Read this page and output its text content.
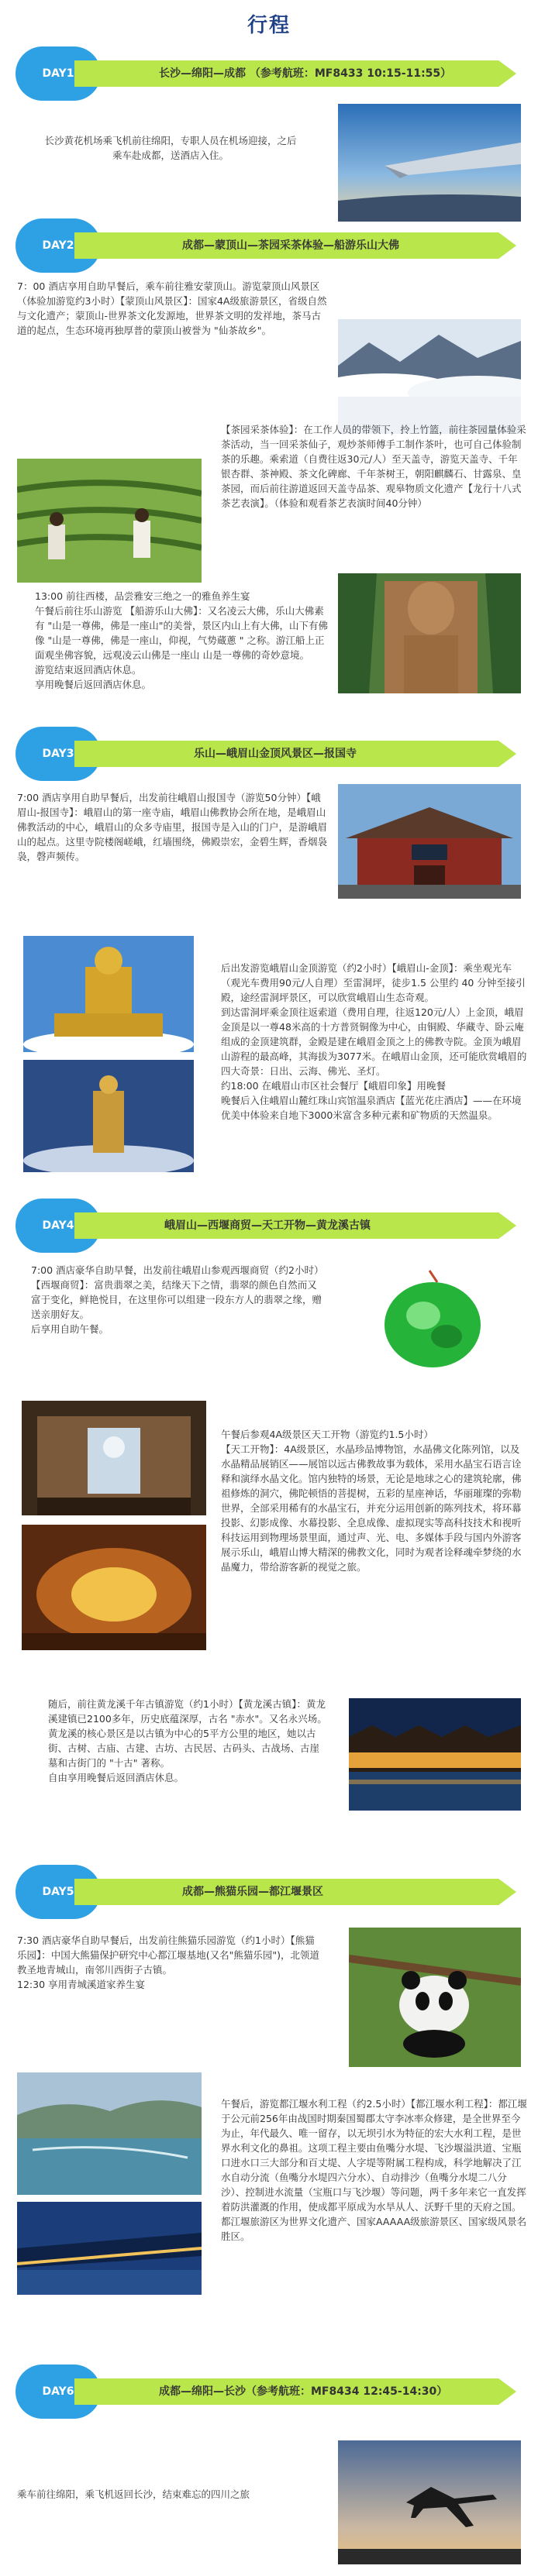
行程
DAY1	长沙—绵阳—成都 （参考航班：MF8433 10:15-11:55）

长沙黄花机场乘飞机前往绵阳，专职人员在机场迎接，之后乘车赴成都，送酒店入住。

DAY2	成都—蒙顶山—茶园采茶体验—船游乐山大佛

7：00 酒店享用自助早餐后，乘车前往雅安蒙顶山。游览蒙顶山风景区（体验加游览约3小时）【蒙顶山风景区】：国家4A级旅游景区，省级自然与文化遗产；蒙顶山-世界茶文化发源地，世界茶文明的发祥地，茶马古道的起点，生态环境再独厚普的蒙顶山被誉为 "仙茶故乡"。

【茶园采茶体验】：在工作人员的带领下，拎上竹篮，前往茶园量体验采茶活动，当一回采茶仙子，观炒茶师傅手工制作茶叶，也可自己体验制茶的乐趣。乘索道（自费往返30元/人）至天盖寺，游览天盖寺、千年银杏群、茶神殿、茶文化碑廊、千年茶树王，朝阳麒麟石、甘露泉、皇茶园，而后前往游道返回天盖寺品茶、观皋物质文化遗产【龙行十八式茶艺表演】。（体验和观看茶艺表演时间40分钟）

13:00 前往西楼，品尝雅安三绝之一的雅鱼养生宴
午餐后前往乐山游览 【船游乐山大佛】：又名凌云大佛，乐山大佛素有 "山是一尊佛，佛是一座山"的美誉，景区内山上有大佛，山下有佛像 "山是一尊佛，佛是一座山，仰视，气势蔵蔥 " 之称。游江船上正面观坐佛容貌，远观凌云山佛是一座山 山是一尊佛的奇妙意境。
游览结束返回酒店休息。
享用晚餐后返回酒店休息。

DAY3	乐山—峨眉山金顶风景区—报国寺

7:00 酒店享用自助早餐后，出发前往峨眉山报国寺（游览50分钟）【峨眉山-报国寺】：峨眉山的第一座寺庙，峨眉山佛教协会所在地，是峨眉山佛教活动的中心，峨眉山的众多寺庙里，报国寺是入山的门户，是游峨眉山的起点。这里寺院楼阁嵯峨，红墙围绕，佛殿崇宏，金碧生辉，香烟袅袅，磬声频传。

后出发游览峨眉山金顶游览（约2小时）【峨眉山-金顶】：乘坐观光车（观光车费用90元/人自理）至雷洞坪，徒步1.5 公里约 40 分钟至接引殿，途经雷洞坪景区，可以欣赏峨眉山生态奇观。
到达雷洞坪乘金顶往返索道（费用自理，往返120元/人）上金顶，峨眉金顶是以一尊48米高的十方普贤铜像为中心，由铜殿、华藏寺、卧云庵组成的金顶建筑群，金殿是建在峨眉金顶之上的佛教寺院。金顶为峨眉山游程的最高峰，其海拔为3077米。在峨眉山金顶，还可能欣赏峨眉的四大奇景：日出、云海、佛光、圣灯。
约18:00 在峨眉山市区社会餐厅【峨眉印象】用晚餐
晚餐后入住峨眉山麓红珠山宾馆温泉酒店【蓝光花庄酒店】——在环境优美中体验来自地下3000米富含多种元素和矿物质的天然温泉。

DAY4	峨眉山—西堰商贸—天工开物—黄龙溪古镇

7:00 酒店豪华自助早餐，出发前往峨眉山参观西堰商贸（约2小时）【西堰商贸】：富贵翡翠之美，结缘天下之情，翡翠的颜色自然而又富于变化，鲜艳悦目，在这里你可以组建一段东方人的翡翠之缘，赠送亲朋好友。
后享用自助午餐。

午餐后参观4A级景区天工开物（游览约1.5小时）
【天工开物】：4A级景区，水晶珍品博物馆，水晶佛文化陈列馆，以及水晶精品展销区——展馆以远古佛教故事为载体，采用水晶宝石语言诠释和演绎水晶文化。馆内独特的场景，无论是地球之心的建筑轮廓，佛祖修炼的洞穴，佛陀顿悟的菩提树，五彩的星座神话，华丽璀璨的弥勒世界，全部采用稀有的水晶宝石，并充分运用创新的陈列技术，将环幕投影、幻影成像、水幕投影、全息成像、虚拟现实等高科技技术和视听科技运用到物理场景里面，通过声、光、电、多媒体手段与国内外游客展示乐山，峨眉山博大精深的佛教文化，同时为观者诠释魂牵梦绕的水晶魔力，带给游客新的视觉之旅。

随后，前往黄龙溪千年古镇游览（约1小时）【黄龙溪古镇】：黄龙溪建镇已2100多年，历史底蕴深厚，古名 "赤水"。又名永兴场。黄龙溪的核心景区是以古镇为中心的5平方公里的地区，她以古街、古树、古庙、古建、古坊、古民居、古码头、古战场、古崖墓和古街门的 "十古" 著称。
自由享用晚餐后返回酒店休息。

DAY5	成都—熊猫乐园—都江堰景区

7:30 酒店豪华自助早餐后，出发前往熊猫乐园游览（约1小时）【熊猫乐园】：中国大熊猫保护研究中心都江堰基地(又名"熊猫乐园")，北领道教圣地青城山，南邻川西街子古镇。
12:30 享用青城溪道家养生宴

午餐后，游览都江堰水利工程（约2.5小时）【都江堰水利工程】：都江堰于公元前256年由战国时期秦国蜀郡太守李冰率众修建，是全世界至今为止，年代最久、唯一留存，以无坝引水为特征的宏大水利工程，是世界水利文化的鼻祖。这项工程主要由鱼嘴分水堤、飞沙堰溢洪道、宝瓶口进水口三大部分和百丈堤、人字堤等附属工程构成，科学地解决了江水自动分流（鱼嘴分水堤四六分水）、自动排沙（鱼嘴分水堤二八分沙）、控制进水流量（宝瓶口与飞沙堰）等问题，两千多年来它一直发挥着防洪灌溉的作用，使成都平原成为水旱从人、沃野千里的天府之国。都江堰旅游区为世界文化遗产、国家AAAAA级旅游景区、国家级风景名胜区。

DAY6	成都—绵阳—长沙（参考航班：MF8434 12:45-14:30）

乘车前往绵阳，乘飞机返回长沙，结束难忘的四川之旅
